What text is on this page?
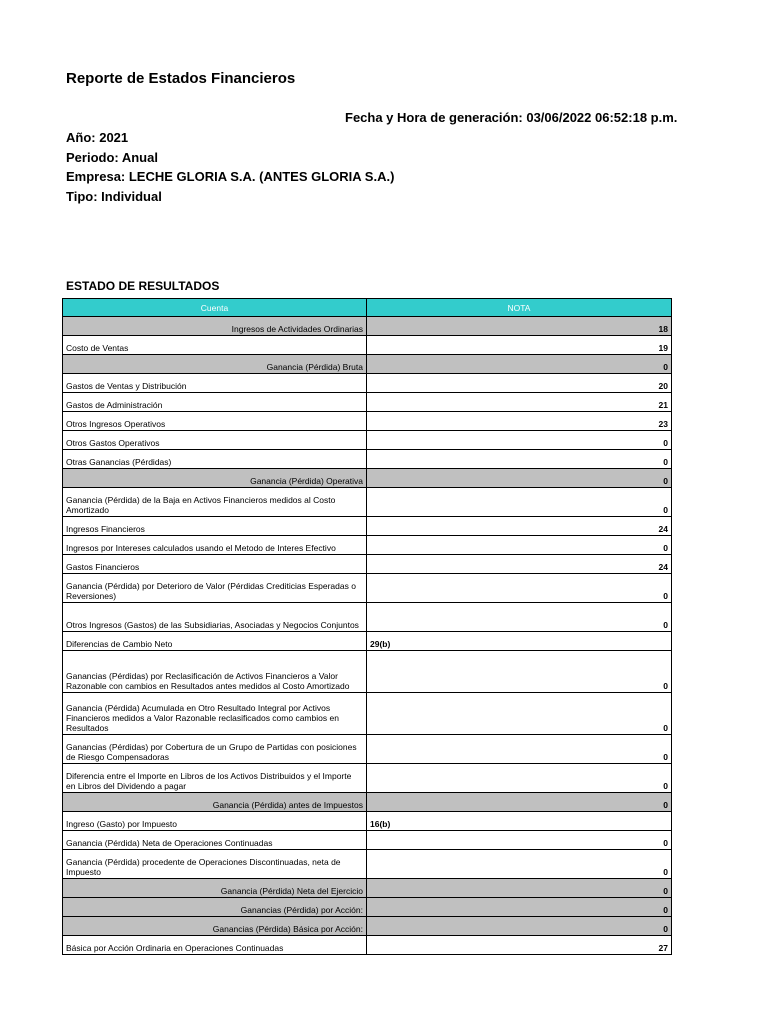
Reporte de Estados Financieros
Fecha y Hora de generación: 03/06/2022 06:52:18 p.m.
Año: 2021
Periodo: Anual
Empresa: LECHE GLORIA S.A. (ANTES GLORIA S.A.)
Tipo: Individual
ESTADO DE RESULTADOS
Cuenta	NOTA
Ingresos de Actividades Ordinarias	18
Costo de Ventas	19
Ganancia (Pérdida) Bruta	0
Gastos de Ventas y Distribución	20
Gastos de Administración	21
Otros Ingresos Operativos	23
Otros Gastos Operativos	0
Otras Ganancias (Pérdidas)	0
Ganancia (Pérdida) Operativa	0
Ganancia (Pérdida) de la Baja en Activos Financieros medidos al Costo Amortizado	0
Ingresos Financieros	24
Ingresos por Intereses calculados usando el Metodo de Interes Efectivo	0
Gastos Financieros	24
Ganancia (Pérdida) por Deterioro de Valor (Pérdidas Crediticias Esperadas o Reversiones)	0
Otros Ingresos (Gastos) de las Subsidiarias, Asociadas y Negocios Conjuntos	0
Diferencias de Cambio Neto	29(b)
Ganancias (Pérdidas) por Reclasificación de Activos Financieros a Valor Razonable con cambios en Resultados antes medidos al Costo Amortizado	0
Ganancia (Pérdida) Acumulada en Otro Resultado Integral por Activos Financieros medidos a Valor Razonable reclasificados como cambios en Resultados	0
Ganancias (Pérdidas) por Cobertura de un Grupo de Partidas con posiciones de Riesgo Compensadoras	0
Diferencia entre el Importe en Libros de los Activos Distribuidos y el Importe en Libros del Dividendo a pagar	0
Ganancia (Pérdida) antes de Impuestos	0
Ingreso (Gasto) por Impuesto	16(b)
Ganancia (Pérdida) Neta de Operaciones Continuadas	0
Ganancia (Pérdida) procedente de Operaciones Discontinuadas, neta de Impuesto	0
Ganancia (Pérdida) Neta del Ejercicio	0
Ganancias (Pérdida) por Acción:	0
Ganancias (Pérdida) Básica por Acción:	0
Básica por Acción Ordinaria en Operaciones Continuadas	27
